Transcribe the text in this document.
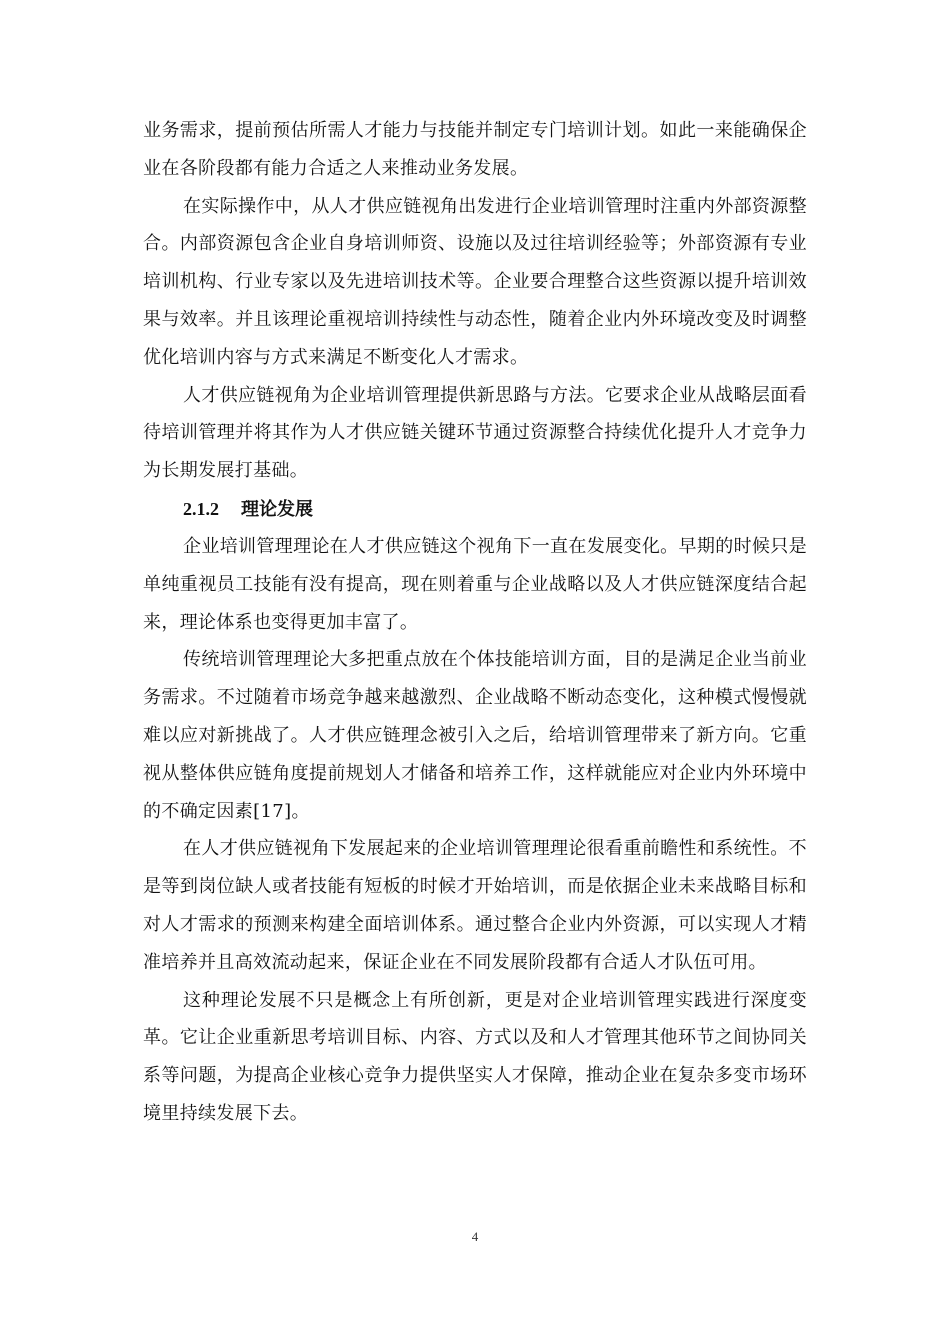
业务需求，提前预估所需人才能力与技能并制定专门培训计划。如此一来能确保企业在各阶段都有能力合适之人来推动业务发展。

在实际操作中，从人才供应链视角出发进行企业培训管理时注重内外部资源整合。内部资源包含企业自身培训师资、设施以及过往培训经验等；外部资源有专业培训机构、行业专家以及先进培训技术等。企业要合理整合这些资源以提升培训效果与效率。并且该理论重视培训持续性与动态性，随着企业内外环境改变及时调整优化培训内容与方式来满足不断变化人才需求。

人才供应链视角为企业培训管理提供新思路与方法。它要求企业从战略层面看待培训管理并将其作为人才供应链关键环节通过资源整合持续优化提升人才竞争力为长期发展打基础。

2.1.2 理论发展

企业培训管理理论在人才供应链这个视角下一直在发展变化。早期的时候只是单纯重视员工技能有没有提高，现在则着重与企业战略以及人才供应链深度结合起来，理论体系也变得更加丰富了。

传统培训管理理论大多把重点放在个体技能培训方面，目的是满足企业当前业务需求。不过随着市场竞争越来越激烈、企业战略不断动态变化，这种模式慢慢就难以应对新挑战了。人才供应链理念被引入之后，给培训管理带来了新方向。它重视从整体供应链角度提前规划人才储备和培养工作，这样就能应对企业内外环境中的不确定因素[17]。

在人才供应链视角下发展起来的企业培训管理理论很看重前瞻性和系统性。不是等到岗位缺人或者技能有短板的时候才开始培训，而是依据企业未来战略目标和对人才需求的预测来构建全面培训体系。通过整合企业内外资源，可以实现人才精准培养并且高效流动起来，保证企业在不同发展阶段都有合适人才队伍可用。

这种理论发展不只是概念上有所创新，更是对企业培训管理实践进行深度变革。它让企业重新思考培训目标、内容、方式以及和人才管理其他环节之间协同关系等问题，为提高企业核心竞争力提供坚实人才保障，推动企业在复杂多变市场环境里持续发展下去。

4
